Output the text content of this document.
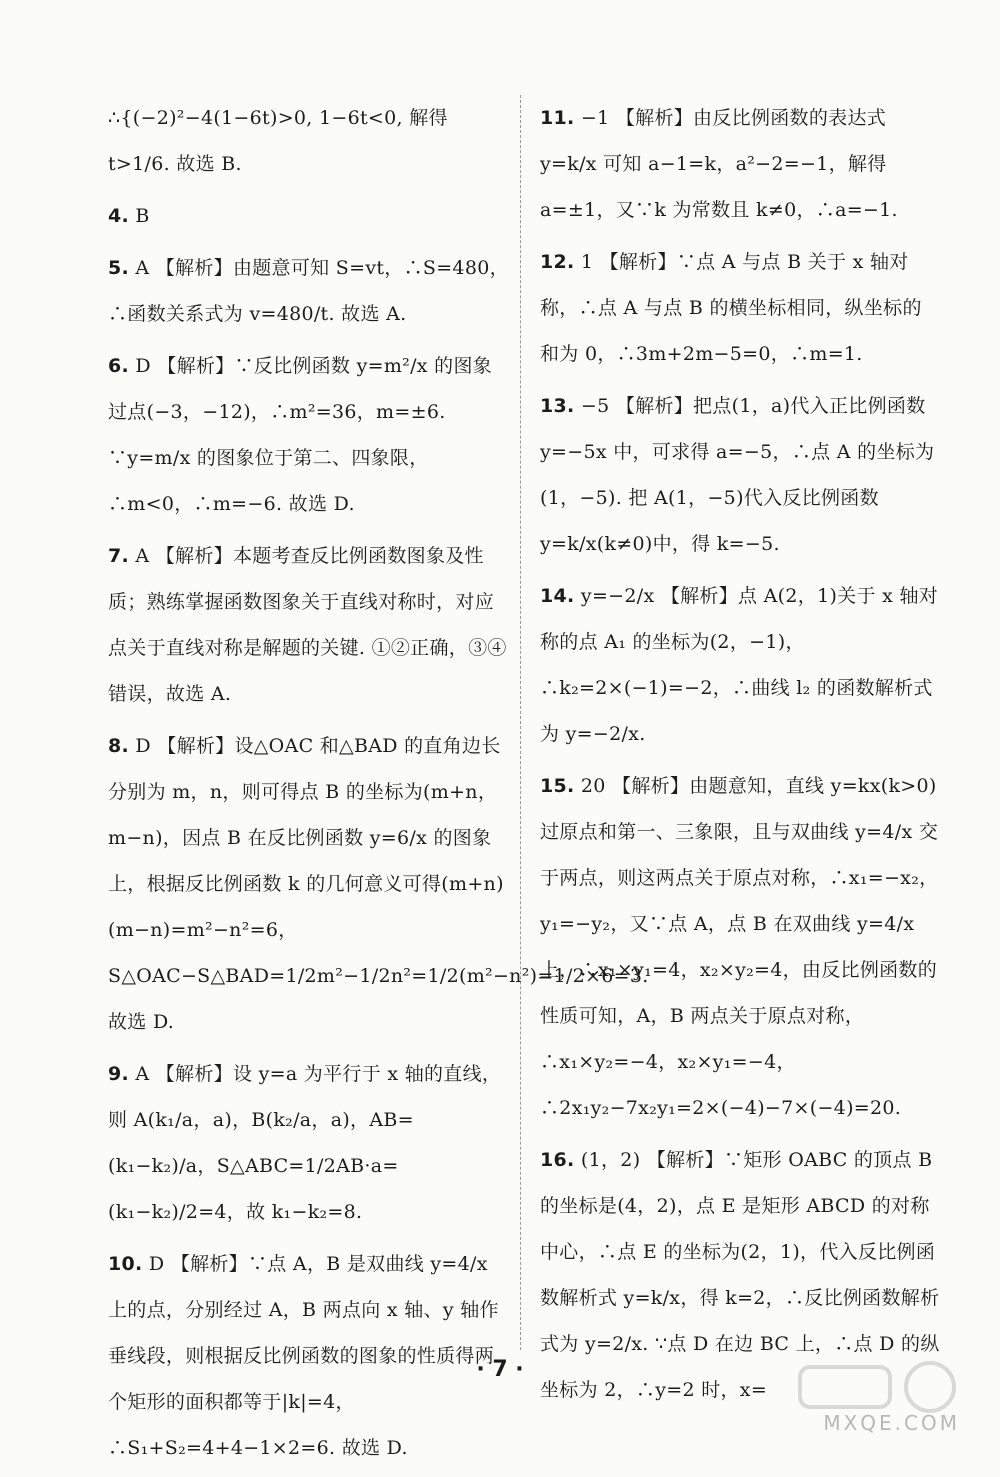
∴{(−2)²−4(1−6t)>0, 1−6t<0, 解得 t>1/6. 故选 B.
4. B
5. A 【解析】由题意可知 S=vt，∴S=480，∴函数关系式为 v=480/t. 故选 A.
6. D 【解析】∵反比例函数 y=m²/x 的图象过点(−3，−12)，∴m²=36，m=±6. ∵y=m/x 的图象位于第二、四象限，∴m<0，∴m=−6. 故选 D.
7. A 【解析】本题考查反比例函数图象及性质；熟练掌握函数图象关于直线对称时，对应点关于直线对称是解题的关键. ①②正确，③④错误，故选 A.
8. D 【解析】设△OAC 和△BAD 的直角边长分别为 m，n，则可得点 B 的坐标为(m+n，m−n)，因点 B 在反比例函数 y=6/x 的图象上，根据反比例函数 k 的几何意义可得(m+n)(m−n)=m²−n²=6，S△OAC−S△BAD=1/2m²−1/2n²=1/2(m²−n²)=1/2×6=3. 故选 D.
9. A 【解析】设 y=a 为平行于 x 轴的直线，则 A(k₁/a，a)，B(k₂/a，a)，AB=(k₁−k₂)/a，S△ABC=1/2AB·a=(k₁−k₂)/2=4，故 k₁−k₂=8.
10. D 【解析】∵点 A，B 是双曲线 y=4/x 上的点，分别经过 A，B 两点向 x 轴、y 轴作垂线段，则根据反比例函数的图象的性质得两个矩形的面积都等于|k|=4，∴S₁+S₂=4+4−1×2=6. 故选 D.
11. −1 【解析】由反比例函数的表达式 y=k/x 可知 a−1=k，a²−2=−1，解得 a=±1，又∵k 为常数且 k≠0，∴a=−1.
12. 1 【解析】∵点 A 与点 B 关于 x 轴对称，∴点 A 与点 B 的横坐标相同，纵坐标的和为 0，∴3m+2m−5=0，∴m=1.
13. −5 【解析】把点(1，a)代入正比例函数 y=−5x 中，可求得 a=−5，∴点 A 的坐标为(1，−5). 把 A(1，−5)代入反比例函数 y=k/x(k≠0)中，得 k=−5.
14. y=−2/x 【解析】点 A(2，1)关于 x 轴对称的点 A₁ 的坐标为(2，−1)，∴k₂=2×(−1)=−2，∴曲线 l₂ 的函数解析式为 y=−2/x.
15. 20 【解析】由题意知，直线 y=kx(k>0)过原点和第一、三象限，且与双曲线 y=4/x 交于两点，则这两点关于原点对称，∴x₁=−x₂，y₁=−y₂，又∵点 A，点 B 在双曲线 y=4/x 上，∴x₁×y₁=4，x₂×y₂=4，由反比例函数的性质可知，A，B 两点关于原点对称，∴x₁×y₂=−4，x₂×y₁=−4，∴2x₁y₂−7x₂y₁=2×(−4)−7×(−4)=20.
16. (1，2) 【解析】∵矩形 OABC 的顶点 B 的坐标是(4，2)，点 E 是矩形 ABCD 的对称中心，∴点 E 的坐标为(2，1)，代入反比例函数解析式 y=k/x，得 k=2，∴反比例函数解析式为 y=2/x. ∵点 D 在边 BC 上，∴点 D 的纵坐标为 2，∴y=2 时，x=
· 7 ·
MXQE.COM
